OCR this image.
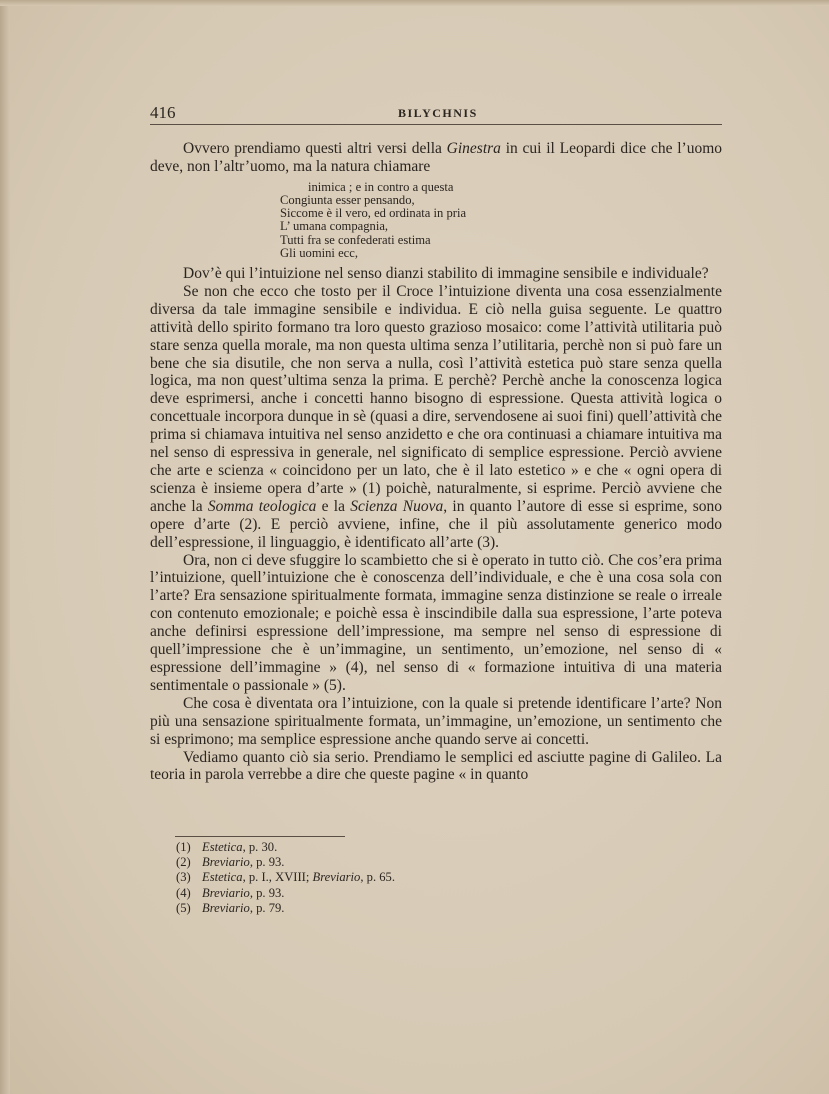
416	BILYCHNIS

Ovvero prendiamo questi altri versi della Ginestra in cui il Leopardi dice che l’uomo deve, non l’altr’uomo, ma la natura chiamare

inimica ; e in contro a questa
Congiunta esser pensando,
Siccome è il vero, ed ordinata in pria
L’ umana compagnia,
Tutti fra se confederati estima
Gli uomini ecc,

Dov’è qui l’intuizione nel senso dianzi stabilito di immagine sensibile e individuale?

Se non che ecco che tosto per il Croce l’intuizione diventa una cosa essenzialmente diversa da tale immagine sensibile e individua. E ciò nella guisa seguente. Le quattro attività dello spirito formano tra loro questo grazioso mosaico: come l’attività utilitaria può stare senza quella morale, ma non questa ultima senza l’utilitaria, perchè non si può fare un bene che sia disutile, che non serva a nulla, così l’attività estetica può stare senza quella logica, ma non quest’ultima senza la prima. E perchè? Perchè anche la conoscenza logica deve esprimersi, anche i concetti hanno bisogno di espressione. Questa attività logica o concettuale incorpora dunque in sè (quasi a dire, servendosene ai suoi fini) quell’attività che prima si chiamava intuitiva nel senso anzidetto e che ora continuasi a chiamare intuitiva ma nel senso di espressiva in generale, nel significato di semplice espressione. Perciò avviene che arte e scienza « coincidono per un lato, che è il lato estetico » e che « ogni opera di scienza è insieme opera d’arte » (1) poichè, naturalmente, si esprime. Perciò avviene che anche la Somma teologica e la Scienza Nuova, in quanto l’autore di esse si esprime, sono opere d’arte (2). E perciò avviene, infine, che il più assolutamente generico modo dell’espressione, il linguaggio, è identificato all’arte (3).

Ora, non ci deve sfuggire lo scambietto che si è operato in tutto ciò. Che cos’era prima l’intuizione, quell’intuizione che è conoscenza dell’individuale, e che è una cosa sola con l’arte? Era sensazione spiritualmente formata, immagine senza distinzione se reale o irreale con contenuto emozionale; e poichè essa è inscindibile dalla sua espressione, l’arte poteva anche definirsi espressione dell’impressione, ma sempre nel senso di espressione di quell’impressione che è un’immagine, un sentimento, un’emozione, nel senso di « espressione dell’immagine » (4), nel senso di « formazione intuitiva di una materia sentimentale o passionale » (5).

Che cosa è diventata ora l’intuizione, con la quale si pretende identificare l’arte? Non più una sensazione spiritualmente formata, un’immagine, un’emozione, un sentimento che si esprimono; ma semplice espressione anche quando serve ai concetti.

Vediamo quanto ciò sia serio. Prendiamo le semplici ed asciutte pagine di Galileo. La teoria in parola verrebbe a dire che queste pagine « in quanto

(1) Estetica, p. 30.
(2) Breviario, p. 93.
(3) Estetica, p. I., XVIII; Breviario, p. 65.
(4) Breviario, p. 93.
(5) Breviario, p. 79.
